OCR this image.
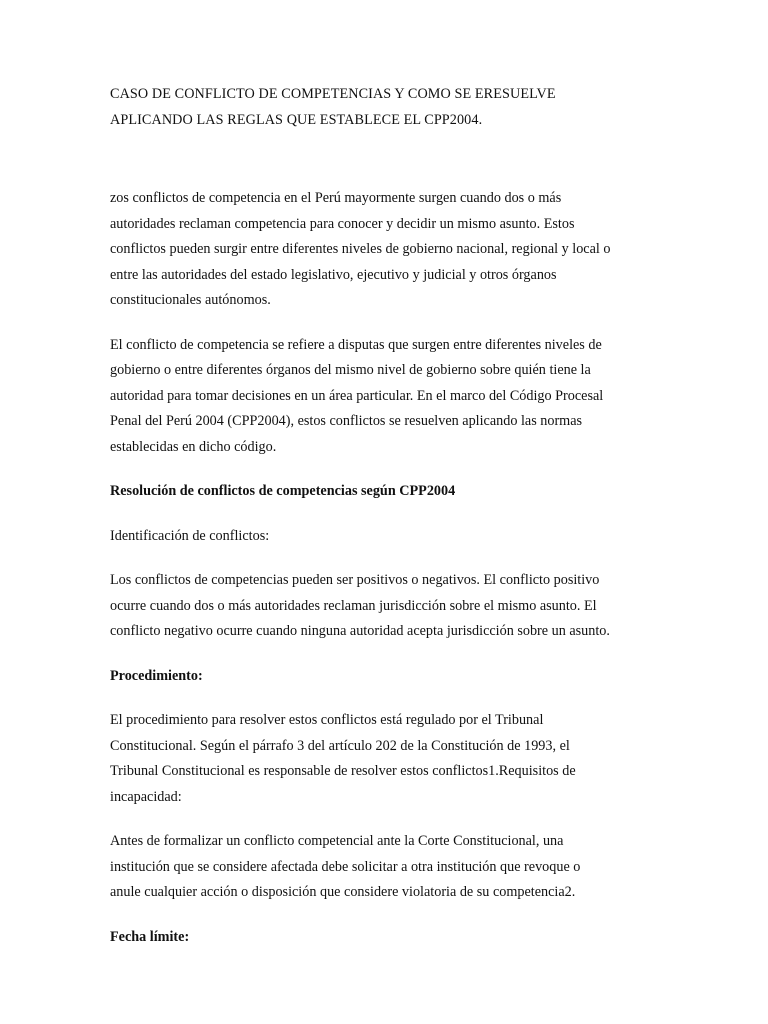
CASO DE CONFLICTO DE COMPETENCIAS Y COMO SE ERESUELVE
APLICANDO LAS REGLAS QUE ESTABLECE EL CPP2004.

zos conflictos de competencia en el Perú mayormente surgen cuando dos o más
autoridades reclaman competencia para conocer y decidir un mismo asunto. Estos
conflictos pueden surgir entre diferentes niveles de gobierno nacional, regional y local o
entre las autoridades del estado legislativo, ejecutivo y judicial y otros órganos
constitucionales autónomos.

El conflicto de competencia se refiere a disputas que surgen entre diferentes niveles de
gobierno o entre diferentes órganos del mismo nivel de gobierno sobre quién tiene la
autoridad para tomar decisiones en un área particular. En el marco del Código Procesal
Penal del Perú 2004 (CPP2004), estos conflictos se resuelven aplicando las normas
establecidas en dicho código.

Resolución de conflictos de competencias según CPP2004

Identificación de conflictos:

Los conflictos de competencias pueden ser positivos o negativos. El conflicto positivo
ocurre cuando dos o más autoridades reclaman jurisdicción sobre el mismo asunto. El
conflicto negativo ocurre cuando ninguna autoridad acepta jurisdicción sobre un asunto.

Procedimiento:

El procedimiento para resolver estos conflictos está regulado por el Tribunal
Constitucional. Según el párrafo 3 del artículo 202 de la Constitución de 1993, el
Tribunal Constitucional es responsable de resolver estos conflictos1.Requisitos de
incapacidad:

Antes de formalizar un conflicto competencial ante la Corte Constitucional, una
institución que se considere afectada debe solicitar a otra institución que revoque o
anule cualquier acción o disposición que considere violatoria de su competencia2.

Fecha límite:
